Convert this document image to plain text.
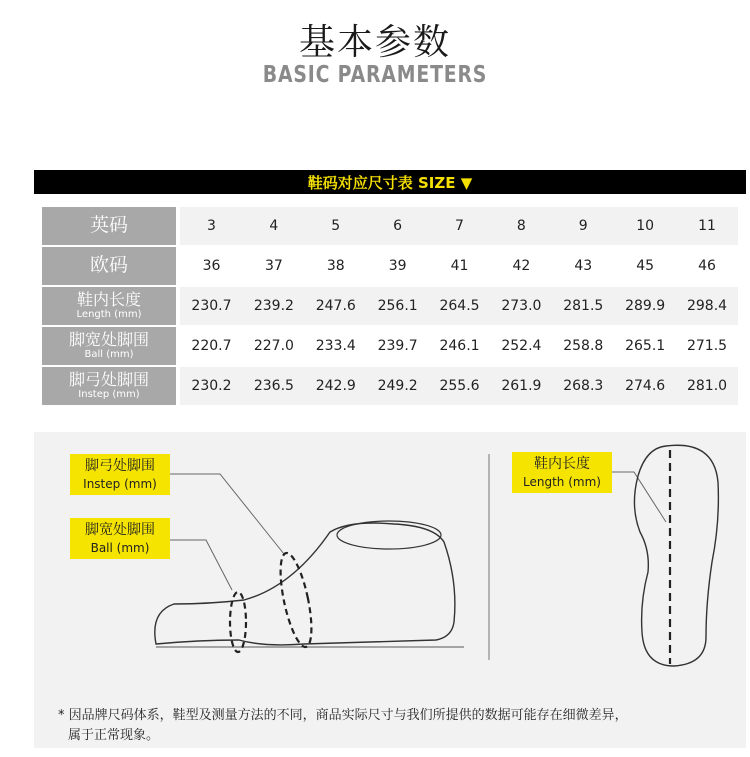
基本参数
BASIC PARAMETERS
鞋码对应尺寸表 SIZE ▼
英码	3	4	5	6	7	8	9	10	11

欧码	36	37	38	39	41	42	43	45	46

鞋内长度
Length (mm)	230.7	239.2	247.6	256.1	264.5	273.0	281.5	289.9	298.4

脚宽处脚围
Ball (mm)	220.7	227.0	233.4	239.7	246.1	252.4	258.8	265.1	271.5

脚弓处脚围
Instep (mm)	230.2	236.5	242.9	249.2	255.6	261.9	268.3	274.6	281.0
脚弓处脚围
Instep (mm)
脚宽处脚围
Ball (mm)
鞋内长度
Length (mm)
* 因品牌尺码体系，鞋型及测量方法的不同，商品实际尺寸与我们所提供的数据可能存在细微差异，
属于正常现象。
